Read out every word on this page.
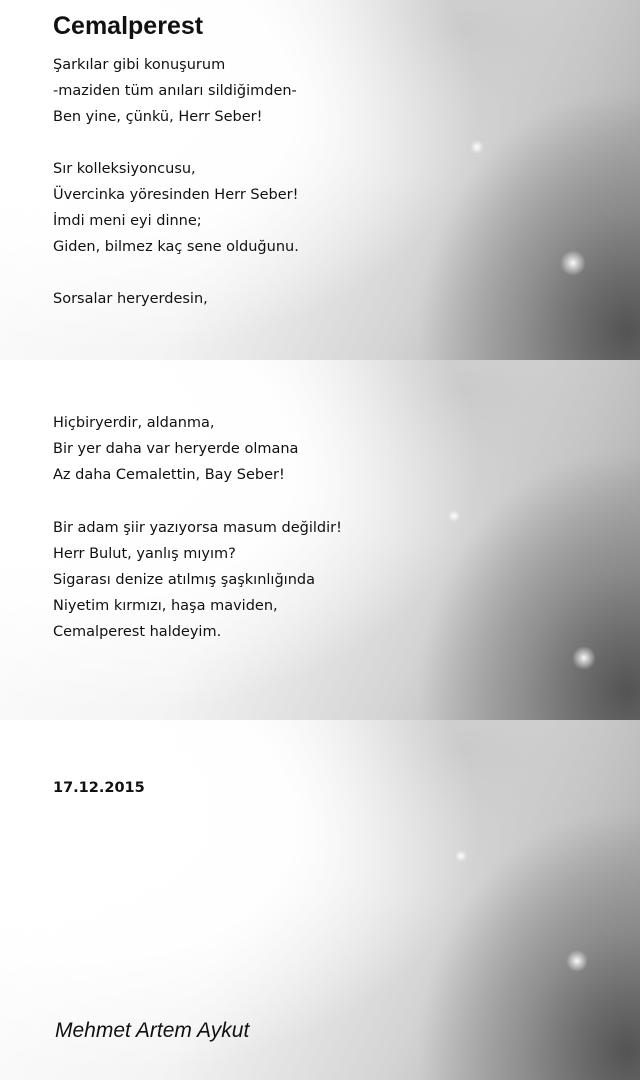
Cemalperest
Şarkılar gibi konuşurum
-maziden tüm anıları sildiğimden-
Ben yine, çünkü, Herr Seber!
Sır kolleksiyoncusu,
Üvercinka yöresinden Herr Seber!
İmdi meni eyi dinne;
Giden, bilmez kaç sene olduğunu.
Sorsalar heryerdesin,
Hiçbiryerdir, aldanma,
Bir yer daha var heryerde olmana
Az daha Cemalettin, Bay Seber!
Bir adam şiir yazıyorsa masum değildir!
Herr Bulut, yanlış mıyım?
Sigarası denize atılmış şaşkınlığında
Niyetim kırmızı, haşa maviden,
Cemalperest haldeyim.
17.12.2015
Mehmet Artem Aykut
